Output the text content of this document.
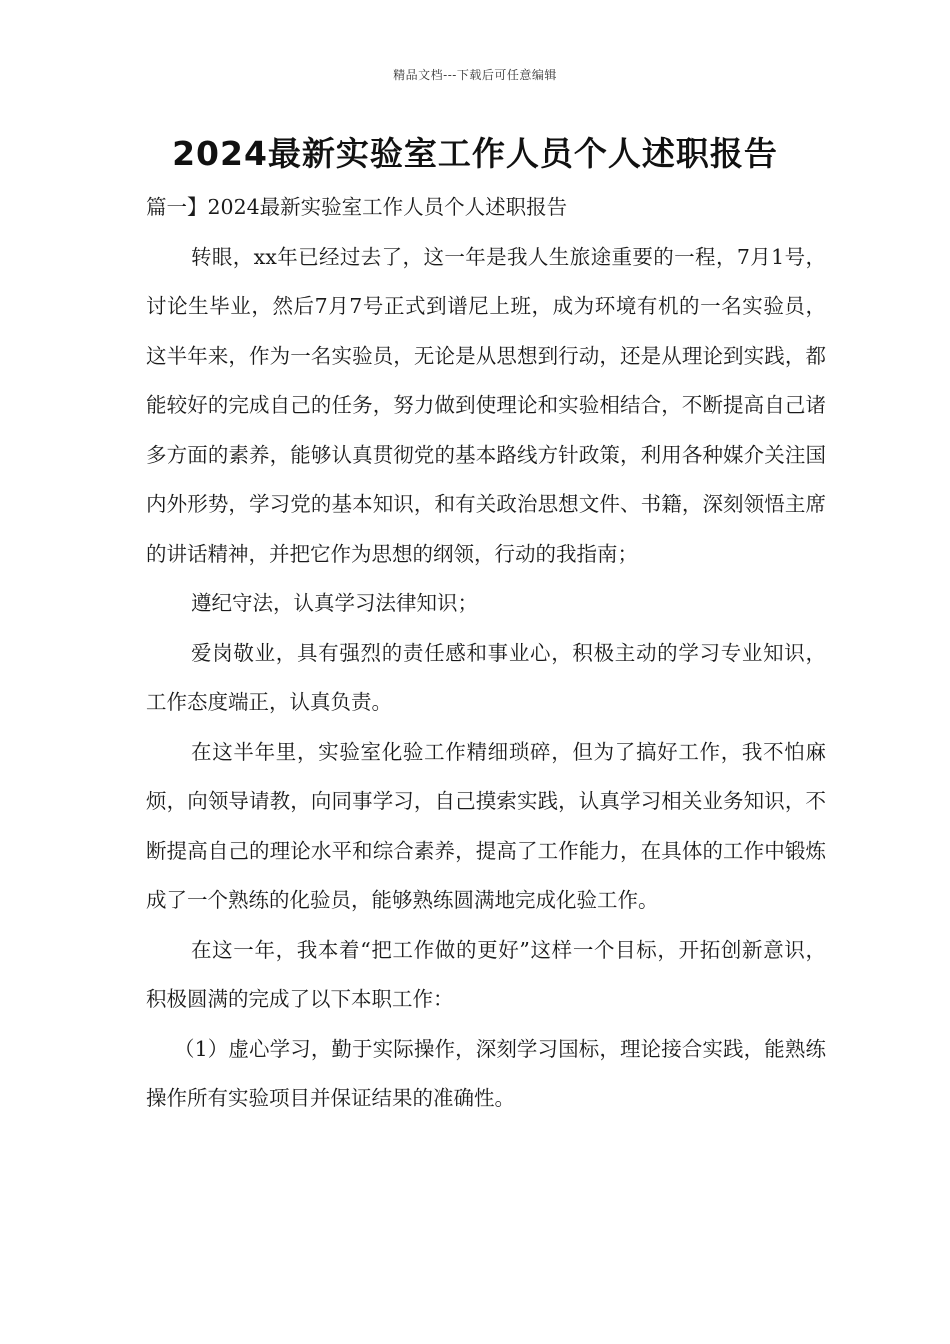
精品文档---下载后可任意编辑
2024最新实验室工作人员个人述职报告

篇一】2024最新实验室工作人员个人述职报告

转眼，xx年已经过去了，这一年是我人生旅途重要的一程，7月1号，讨论生毕业，然后7月7号正式到谱尼上班，成为环境有机的一名实验员，这半年来，作为一名实验员，无论是从思想到行动，还是从理论到实践，都能较好的完成自己的任务，努力做到使理论和实验相结合，不断提高自己诸多方面的素养，能够认真贯彻党的基本路线方针政策，利用各种媒介关注国内外形势，学习党的基本知识，和有关政治思想文件、书籍，深刻领悟主席的讲话精神，并把它作为思想的纲领，行动的我指南；

遵纪守法，认真学习法律知识；

爱岗敬业，具有强烈的责任感和事业心，积极主动的学习专业知识，工作态度端正，认真负责。

在这半年里，实验室化验工作精细琐碎，但为了搞好工作，我不怕麻烦，向领导请教，向同事学习，自己摸索实践，认真学习相关业务知识，不断提高自己的理论水平和综合素养，提高了工作能力，在具体的工作中锻炼成了一个熟练的化验员，能够熟练圆满地完成化验工作。

在这一年，我本着“把工作做的更好”这样一个目标，开拓创新意识，积极圆满的完成了以下本职工作：

（1）虚心学习，勤于实际操作，深刻学习国标，理论接合实践，能熟练操作所有实验项目并保证结果的准确性。
